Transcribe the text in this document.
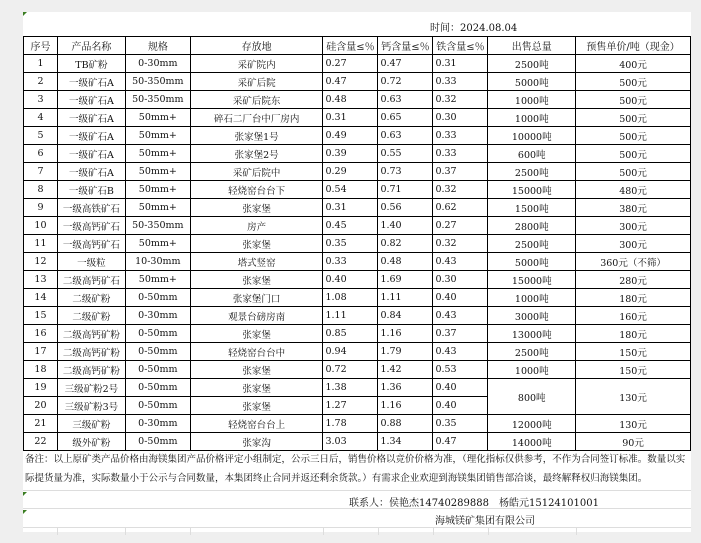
时间：2024.08.04
序号	产品名称	规格	存放地	硅含量≤％	钙含量≤％	铁含量≤％	出售总量	预售单价/吨（现金）
1	TB矿粉	0-30mm	采矿院内	0.27	0.47	0.31	2500吨	400元
2	一级矿石A	50-350mm	采矿后院	0.47	0.72	0.33	5000吨	500元
3	一级矿石A	50-350mm	采矿后院东	0.48	0.63	0.32	1000吨	500元
4	一级矿石A	50mm+	碎石二厂台中厂房内	0.31	0.65	0.30	1000吨	500元
5	一级矿石A	50mm+	张家堡1号	0.49	0.63	0.33	10000吨	500元
6	一级矿石A	50mm+	张家堡2号	0.39	0.55	0.33	600吨	500元
7	一级矿石A	50mm+	采矿后院中	0.29	0.73	0.37	2500吨	500元
8	一级矿石B	50mm+	轻烧窑台台下	0.54	0.71	0.32	15000吨	480元
9	一级高铁矿石	50mm+	张家堡	0.31	0.56	0.62	1500吨	380元
10	一级高钙矿石	50-350mm	房产	0.45	1.40	0.27	2800吨	300元
11	一级高钙矿石	50mm+	张家堡	0.35	0.82	0.32	2500吨	300元
12	一级粒	10-30mm	塔式竖窑	0.33	0.48	0.43	5000吨	360元（不筛）
13	二级高钙矿石	50mm+	张家堡	0.40	1.69	0.30	15000吨	280元
14	二级矿粉	0-50mm	张家堡门口	1.08	1.11	0.40	1000吨	180元
15	二级矿粉	0-30mm	观景台磅房南	1.11	0.84	0.43	3000吨	160元
16	二级高钙矿粉	0-50mm	张家堡	0.85	1.16	0.37	13000吨	180元
17	二级高钙矿粉	0-50mm	轻烧窑台台中	0.94	1.79	0.43	2500吨	150元
18	二级高钙矿粉	0-50mm	张家堡	0.72	1.42	0.53	1000吨	150元
19	三级矿粉2号	0-50mm	张家堡	1.38	1.36	0.40	800吨	130元
20	三级矿粉3号	0-50mm	张家堡	1.27	1.16	0.40		
21	三级矿粉	0-30mm	轻烧窑台台上	1.78	0.88	0.35	12000吨	130元
22	级外矿粉	0-50mm	张家沟	3.03	1.34	0.47	14000吨	90元
备注：以上原矿类产品价格由海镁集团产品价格评定小组制定，公示三日后，销售价格以竞价价格为准，（理化指标仅供参考，不作为合同签订标准。数量以实际提货量为准，实际数量小于公示与合同数量，本集团终止合同并返还剩余货款。）有需求企业欢迎到海镁集团销售部洽谈，最终解释权归海镁集团。
联系人：侯艳杰14740289888　杨皓元15124101001
海城镁矿集团有限公司
